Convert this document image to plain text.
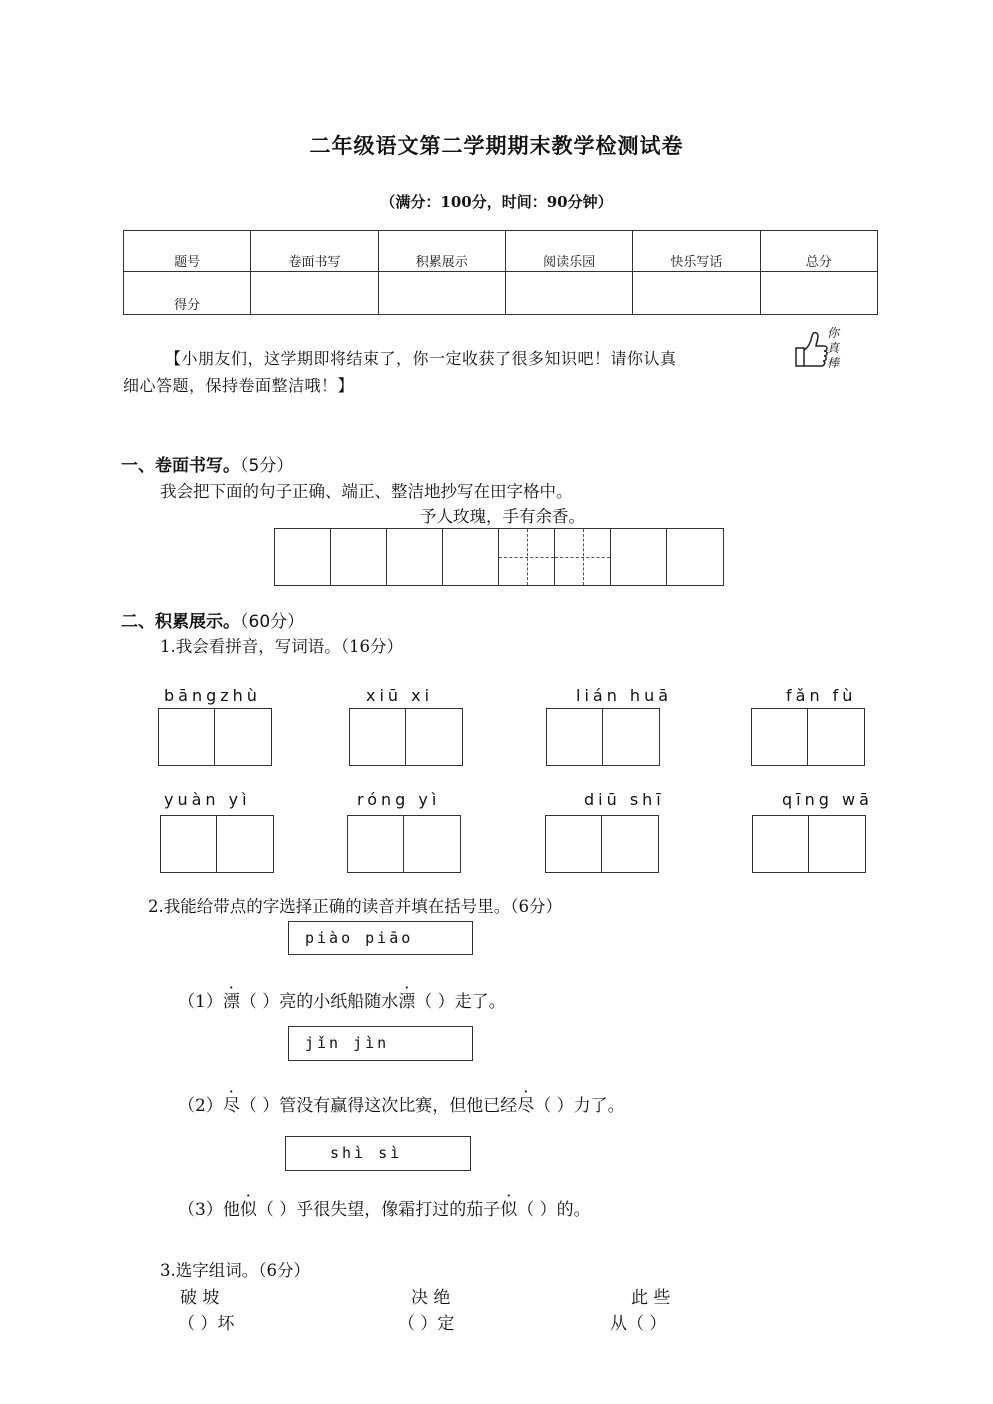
二年级语文第二学期期末教学检测试卷
（满分：100分，时间：90分钟）
题号	卷面书写	积累展示	阅读乐园	快乐写话	总分
得分					
【小朋友们，这学期即将结束了，你一定收获了很多知识吧！请你认真
细心答题，保持卷面整洁哦！】
你真棒
一、卷面书写。（5分）
我会把下面的句子正确、端正、整洁地抄写在田字格中。
予人玫瑰，手有余香。
二、积累展示。（60分）
1.我会看拼音，写词语。（16分）
bāngzhù	xiū xi	lián huā	fǎn fù
yuàn yì	róng yì	diū shī	qīng wā
2.我能给带点的字选择正确的读音并填在括号里。（6分）
piào piāo
（1）漂（ ）亮的小纸船随水漂（ ）走了。
jǐn jìn
（2）尽（ ）管没有赢得这次比赛，但他已经尽（ ）力了。
shì sì
（3）他似（ ）乎很失望，像霜打过的茄子似（ ）的。
3.选字组词。（6分）
破 坡	决 绝	此 些
（ ）坏	（ ）定	从（ ）
